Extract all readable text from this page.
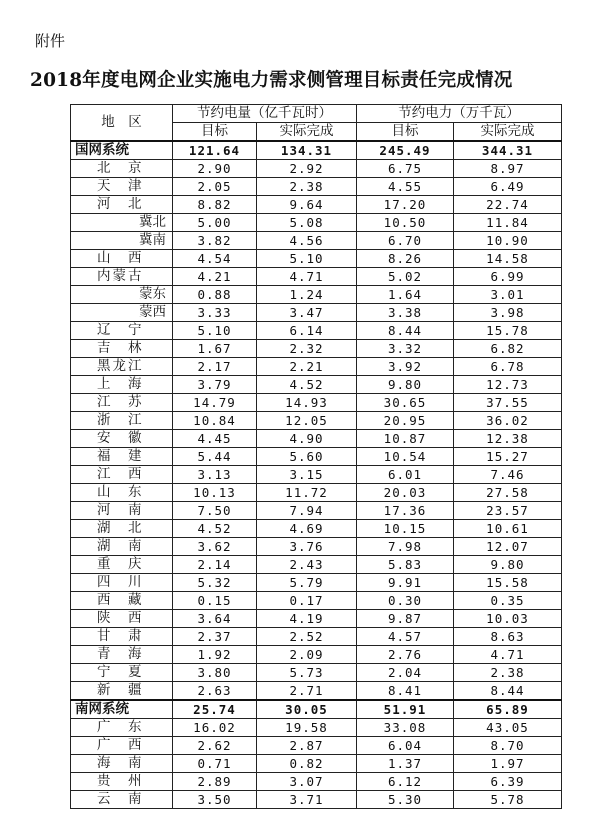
附件
2018年度电网企业实施电力需求侧管理目标责任完成情况
地　区	节约电量（亿千瓦时）		节约电力（万千瓦）	
	目标	实际完成	目标	实际完成
国网系统	121.64	134.31	245.49	344.31
北　京	2.90	2.92	6.75	8.97
天　津	2.05	2.38	4.55	6.49
河　北	8.82	9.64	17.20	22.74
冀北	5.00	5.08	10.50	11.84
冀南	3.82	4.56	6.70	10.90
山　西	4.54	5.10	8.26	14.58
内蒙古	4.21	4.71	5.02	6.99
蒙东	0.88	1.24	1.64	3.01
蒙西	3.33	3.47	3.38	3.98
辽　宁	5.10	6.14	8.44	15.78
吉　林	1.67	2.32	3.32	6.82
黑龙江	2.17	2.21	3.92	6.78
上　海	3.79	4.52	9.80	12.73
江　苏	14.79	14.93	30.65	37.55
浙　江	10.84	12.05	20.95	36.02
安　徽	4.45	4.90	10.87	12.38
福　建	5.44	5.60	10.54	15.27
江　西	3.13	3.15	6.01	7.46
山　东	10.13	11.72	20.03	27.58
河　南	7.50	7.94	17.36	23.57
湖　北	4.52	4.69	10.15	10.61
湖　南	3.62	3.76	7.98	12.07
重　庆	2.14	2.43	5.83	9.80
四　川	5.32	5.79	9.91	15.58
西　藏	0.15	0.17	0.30	0.35
陕　西	3.64	4.19	9.87	10.03
甘　肃	2.37	2.52	4.57	8.63
青　海	1.92	2.09	2.76	4.71
宁　夏	3.80	5.73	2.04	2.38
新　疆	2.63	2.71	8.41	8.44
南网系统	25.74	30.05	51.91	65.89
广　东	16.02	19.58	33.08	43.05
广　西	2.62	2.87	6.04	8.70
海　南	0.71	0.82	1.37	1.97
贵　州	2.89	3.07	6.12	6.39
云　南	3.50	3.71	5.30	5.78
